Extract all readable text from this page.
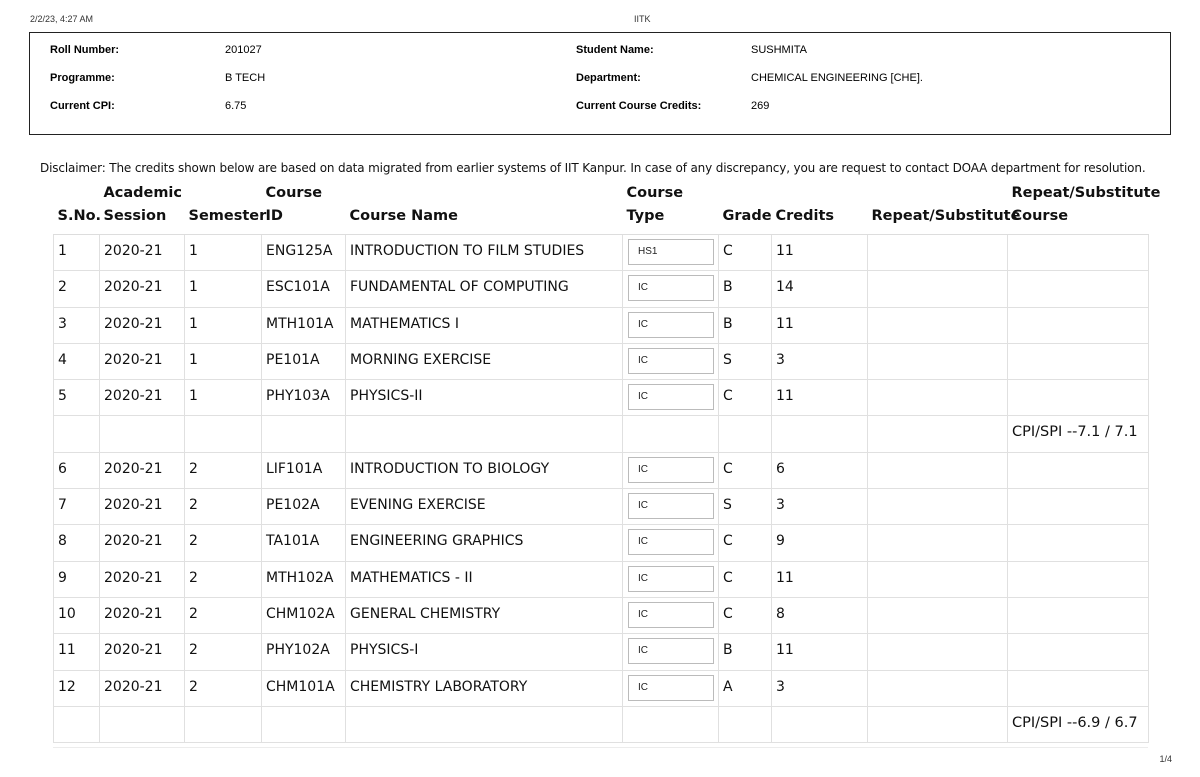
2/2/23, 4:27 AM	IITK
Roll Number:	201027	Student Name:	SUSHMITA
Programme:	B TECH	Department:	CHEMICAL ENGINEERING [CHE].
Current CPI:	6.75	Current Course Credits:	269
Disclaimer: The credits shown below are based on data migrated from earlier systems of IIT Kanpur. In case of any discrepancy, you are request to contact DOAA department for resolution.
S.No.	Academic
Session	Semester	Course ID	Course Name	Course
Type	Grade	Credits	Repeat/Substitute	Repeat/Substitute
Course
1	2020-21	1	ENG125A	INTRODUCTION TO FILM STUDIES	HS1	C	11		
2	2020-21	1	ESC101A	FUNDAMENTAL OF COMPUTING	IC	B	14		
3	2020-21	1	MTH101A	MATHEMATICS I	IC	B	11		
4	2020-21	1	PE101A	MORNING EXERCISE	IC	S	3		
5	2020-21	1	PHY103A	PHYSICS-II	IC	C	11		
									CPI/SPI --7.1 / 7.1
6	2020-21	2	LIF101A	INTRODUCTION TO BIOLOGY	IC	C	6		
7	2020-21	2	PE102A	EVENING EXERCISE	IC	S	3		
8	2020-21	2	TA101A	ENGINEERING GRAPHICS	IC	C	9		
9	2020-21	2	MTH102A	MATHEMATICS - II	IC	C	11		
10	2020-21	2	CHM102A	GENERAL CHEMISTRY	IC	C	8		
11	2020-21	2	PHY102A	PHYSICS-I	IC	B	11		
12	2020-21	2	CHM101A	CHEMISTRY LABORATORY	IC	A	3		
									CPI/SPI --6.9 / 6.7
1/4
